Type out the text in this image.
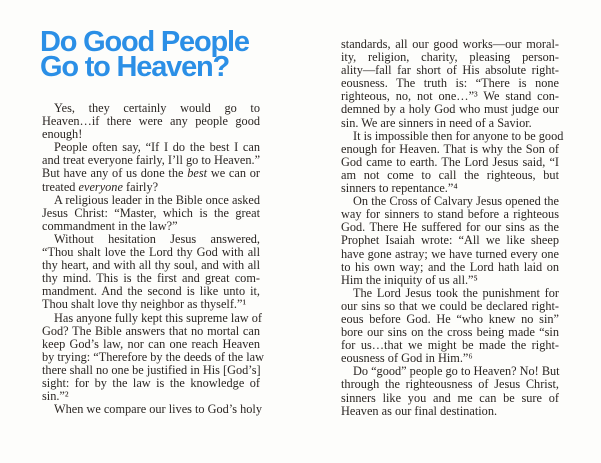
Do Good People
Go to Heaven?
Yes, they certainly would go to
Heaven…if there were any people good
enough!
People often say, “If I do the best I can
and treat everyone fairly, I’ll go to Heaven.”
But have any of us done the best we can or
treated everyone fairly?
A religious leader in the Bible once asked
Jesus Christ: “Master, which is the great
commandment in the law?”
Without hesitation Jesus answered,
“Thou shalt love the Lord thy God with all
thy heart, and with all thy soul, and with all
thy mind. This is the first and great com-
mandment. And the second is like unto it,
Thou shalt love thy neighbor as thyself.”¹
Has anyone fully kept this supreme law of
God? The Bible answers that no mortal can
keep God’s law, nor can one reach Heaven
by trying: “Therefore by the deeds of the law
there shall no one be justified in His [God’s]
sight: for by the law is the knowledge of
sin.”²
When we compare our lives to God’s holy
standards, all our good works—our moral-
ity, religion, charity, pleasing person-
ality—fall far short of His absolute right-
eousness. The truth is: “There is none
righteous, no, not one…”³ We stand con-
demned by a holy God who must judge our
sin. We are sinners in need of a Savior.
It is impossible then for anyone to be good
enough for Heaven. That is why the Son of
God came to earth. The Lord Jesus said, “I
am not come to call the righteous, but
sinners to repentance.”⁴
On the Cross of Calvary Jesus opened the
way for sinners to stand before a righteous
God. There He suffered for our sins as the
Prophet Isaiah wrote: “All we like sheep
have gone astray; we have turned every one
to his own way; and the Lord hath laid on
Him the iniquity of us all.”⁵
The Lord Jesus took the punishment for
our sins so that we could be declared right-
eous before God. He “who knew no sin”
bore our sins on the cross being made “sin
for us…that we might be made the right-
eousness of God in Him.”⁶
Do “good” people go to Heaven? No! But
through the righteousness of Jesus Christ,
sinners like you and me can be sure of
Heaven as our final destination.
